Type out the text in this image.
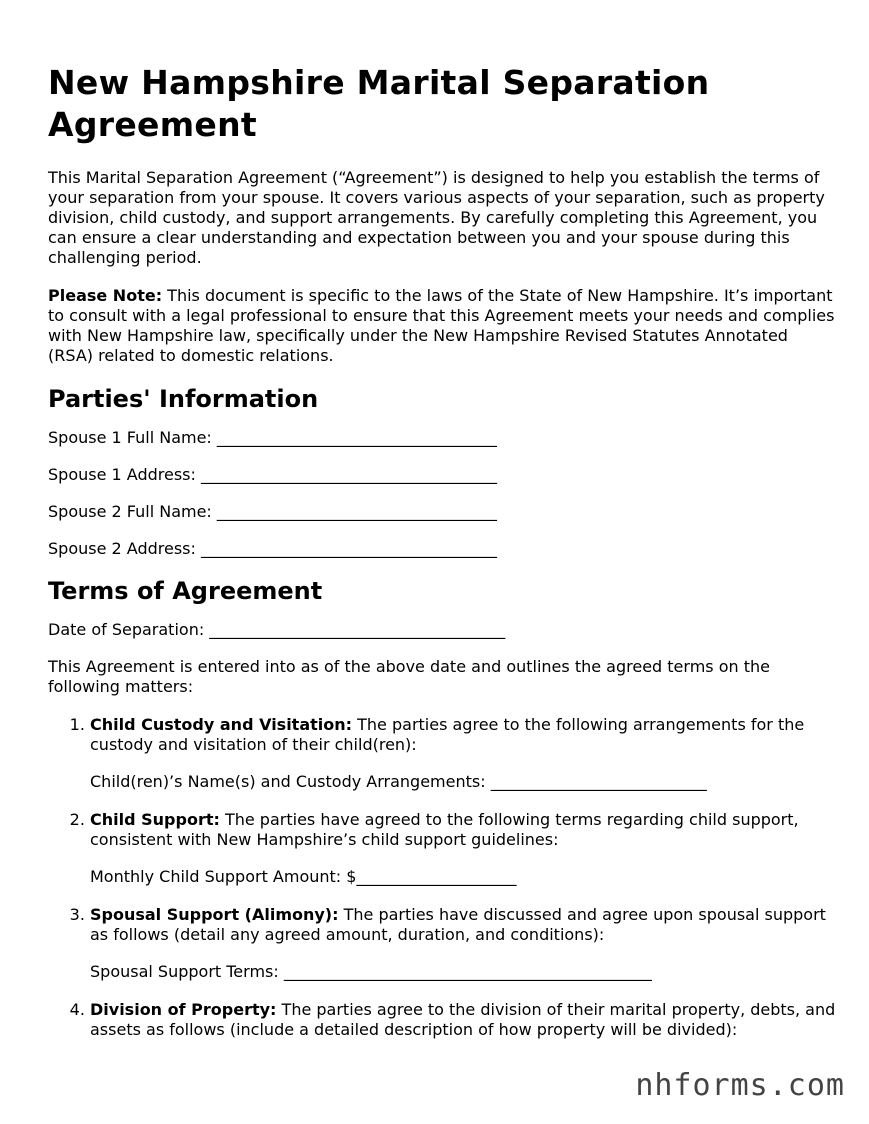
New Hampshire Marital Separation Agreement

This Marital Separation Agreement (“Agreement”) is designed to help you establish the terms of your separation from your spouse. It covers various aspects of your separation, such as property division, child custody, and support arrangements. By carefully completing this Agreement, you can ensure a clear understanding and expectation between you and your spouse during this challenging period.

Please Note: This document is specific to the laws of the State of New Hampshire. It’s important to consult with a legal professional to ensure that this Agreement meets your needs and complies with New Hampshire law, specifically under the New Hampshire Revised Statutes Annotated (RSA) related to domestic relations.

Parties' Information

Spouse 1 Full Name: ___________________________________

Spouse 1 Address: _____________________________________

Spouse 2 Full Name: ___________________________________

Spouse 2 Address: _____________________________________

Terms of Agreement

Date of Separation: _____________________________________

This Agreement is entered into as of the above date and outlines the agreed terms on the following matters:

1. Child Custody and Visitation: The parties agree to the following arrangements for the custody and visitation of their child(ren):

Child(ren)’s Name(s) and Custody Arrangements: ___________________________

2. Child Support: The parties have agreed to the following terms regarding child support, consistent with New Hampshire’s child support guidelines:

Monthly Child Support Amount: $____________________

3. Spousal Support (Alimony): The parties have discussed and agree upon spousal support as follows (detail any agreed amount, duration, and conditions):

Spousal Support Terms: ______________________________________________

4. Division of Property: The parties agree to the division of their marital property, debts, and assets as follows (include a detailed description of how property will be divided):

nhforms.com
